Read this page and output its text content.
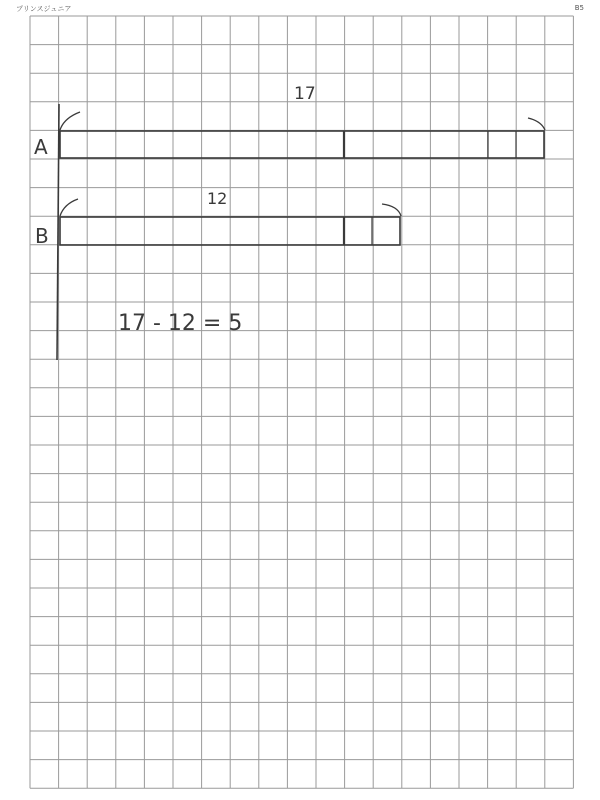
プリンスジュニア	B5
A
17
B
12
17 - 12 = 5
